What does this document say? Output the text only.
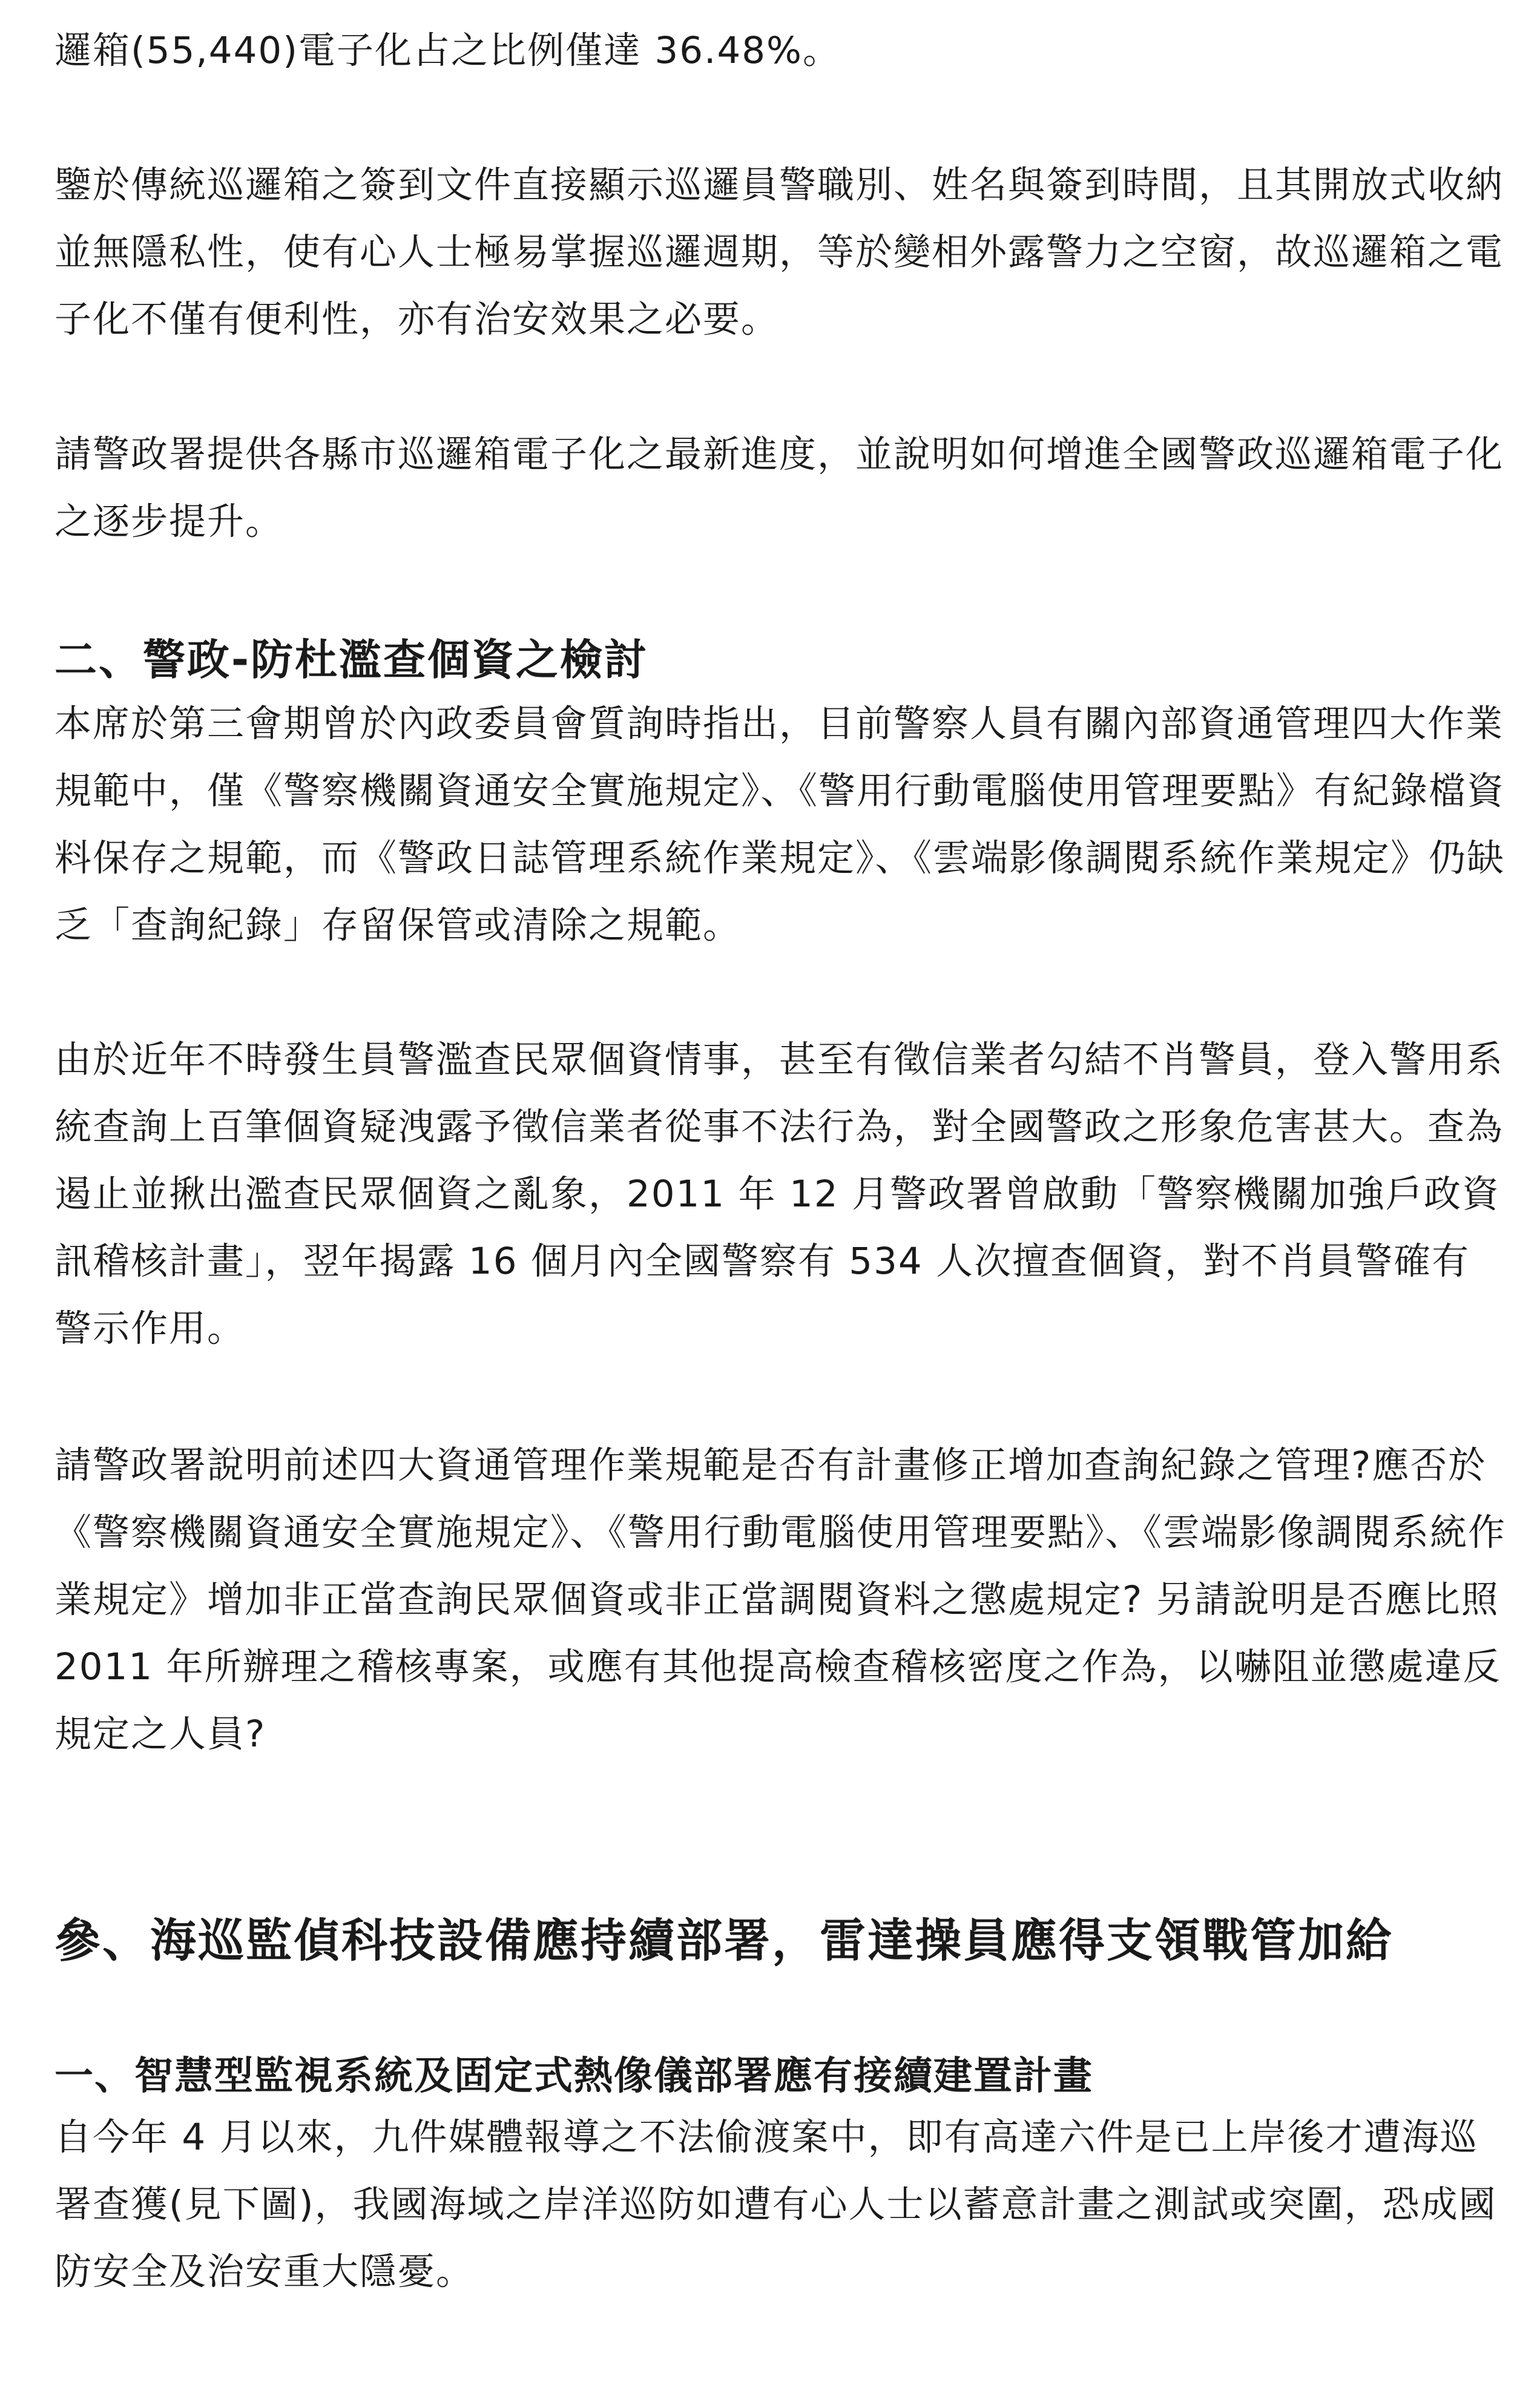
邏箱(55,440)電子化占之比例僅達 36.48%。

鑒於傳統巡邏箱之簽到文件直接顯示巡邏員警職別、姓名與簽到時間，且其開放式收納並無隱私性，使有心人士極易掌握巡邏週期，等於變相外露警力之空窗，故巡邏箱之電子化不僅有便利性，亦有治安效果之必要。

請警政署提供各縣市巡邏箱電子化之最新進度，並說明如何增進全國警政巡邏箱電子化之逐步提升。

二、警政-防杜濫查個資之檢討

本席於第三會期曾於內政委員會質詢時指出，目前警察人員有關內部資通管理四大作業規範中，僅《警察機關資通安全實施規定》、《警用行動電腦使用管理要點》有紀錄檔資料保存之規範，而《警政日誌管理系統作業規定》、《雲端影像調閱系統作業規定》仍缺乏「查詢紀錄」存留保管或清除之規範。

由於近年不時發生員警濫查民眾個資情事，甚至有徵信業者勾結不肖警員，登入警用系統查詢上百筆個資疑洩露予徵信業者從事不法行為，對全國警政之形象危害甚大。查為遏止並揪出濫查民眾個資之亂象，2011 年 12 月警政署曾啟動「警察機關加強戶政資訊稽核計畫」，翌年揭露 16 個月內全國警察有 534 人次擅查個資，對不肖員警確有警示作用。

請警政署說明前述四大資通管理作業規範是否有計畫修正增加查詢紀錄之管理?應否於《警察機關資通安全實施規定》、《警用行動電腦使用管理要點》、《雲端影像調閱系統作業規定》增加非正當查詢民眾個資或非正當調閱資料之懲處規定? 另請說明是否應比照 2011 年所辦理之稽核專案，或應有其他提高檢查稽核密度之作為，以嚇阻並懲處違反規定之人員?

參、海巡監偵科技設備應持續部署，雷達操員應得支領戰管加給
一、智慧型監視系統及固定式熱像儀部署應有接續建置計畫

自今年 4 月以來，九件媒體報導之不法偷渡案中，即有高達六件是已上岸後才遭海巡署查獲(見下圖)，我國海域之岸洋巡防如遭有心人士以蓄意計畫之測試或突圍，恐成國防安全及治安重大隱憂。
